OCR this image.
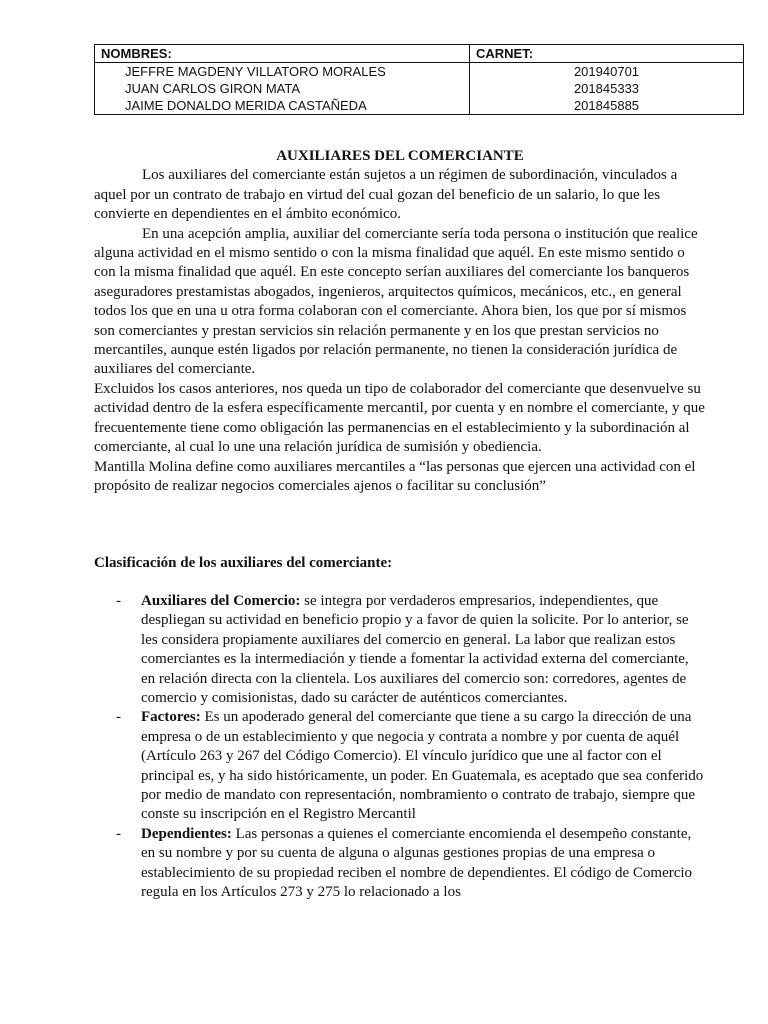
NOMBRES:	CARNET:
JEFFRE MAGDENY VILLATORO MORALES	201940701
JUAN CARLOS GIRON MATA	201845333
JAIME DONALDO MERIDA CASTAÑEDA	201845885

AUXILIARES DEL COMERCIANTE

Los auxiliares del comerciante están sujetos a un régimen de subordinación, vinculados a aquel por un contrato de trabajo en virtud del cual gozan del beneficio de un salario, lo que les convierte en dependientes en el ámbito económico.

En una acepción amplia, auxiliar del comerciante sería toda persona o institución que realice alguna actividad en el mismo sentido o con la misma finalidad que aquél. En este mismo sentido o con la misma finalidad que aquél. En este concepto serían auxiliares del comerciante los banqueros aseguradores prestamistas abogados, ingenieros, arquitectos químicos, mecánicos, etc., en general todos los que en una u otra forma colaboran con el comerciante. Ahora bien, los que por sí mismos son comerciantes y prestan servicios sin relación permanente y en los que prestan servicios no mercantiles, aunque estén ligados por relación permanente, no tienen la consideración jurídica de auxiliares del comerciante.

Excluidos los casos anteriores, nos queda un tipo de colaborador del comerciante que desenvuelve su actividad dentro de la esfera específicamente mercantil, por cuenta y en nombre el comerciante, y que frecuentemente tiene como obligación las permanencias en el establecimiento y la subordinación al comerciante, al cual lo une una relación jurídica de sumisión y obediencia.

Mantilla Molina define como auxiliares mercantiles a “las personas que ejercen una actividad con el propósito de realizar negocios comerciales ajenos o facilitar su conclusión”

Clasificación de los auxiliares del comerciante:

- Auxiliares del Comercio: se integra por verdaderos empresarios, independientes, que despliegan su actividad en beneficio propio y a favor de quien la solicite. Por lo anterior, se les considera propiamente auxiliares del comercio en general. La labor que realizan estos comerciantes es la intermediación y tiende a fomentar la actividad externa del comerciante, en relación directa con la clientela. Los auxiliares del comercio son: corredores, agentes de comercio y comisionistas, dado su carácter de auténticos comerciantes.

- Factores: Es un apoderado general del comerciante que tiene a su cargo la dirección de una empresa o de un establecimiento y que negocia y contrata a nombre y por cuenta de aquél (Artículo 263 y 267 del Código Comercio). El vínculo jurídico que une al factor con el principal es, y ha sido históricamente, un poder. En Guatemala, es aceptado que sea conferido por medio de mandato con representación, nombramiento o contrato de trabajo, siempre que conste su inscripción en el Registro Mercantil

- Dependientes: Las personas a quienes el comerciante encomienda el desempeño constante, en su nombre y por su cuenta de alguna o algunas gestiones propias de una empresa o establecimiento de su propiedad reciben el nombre de dependientes. El código de Comercio regula en los Artículos 273 y 275 lo relacionado a los
